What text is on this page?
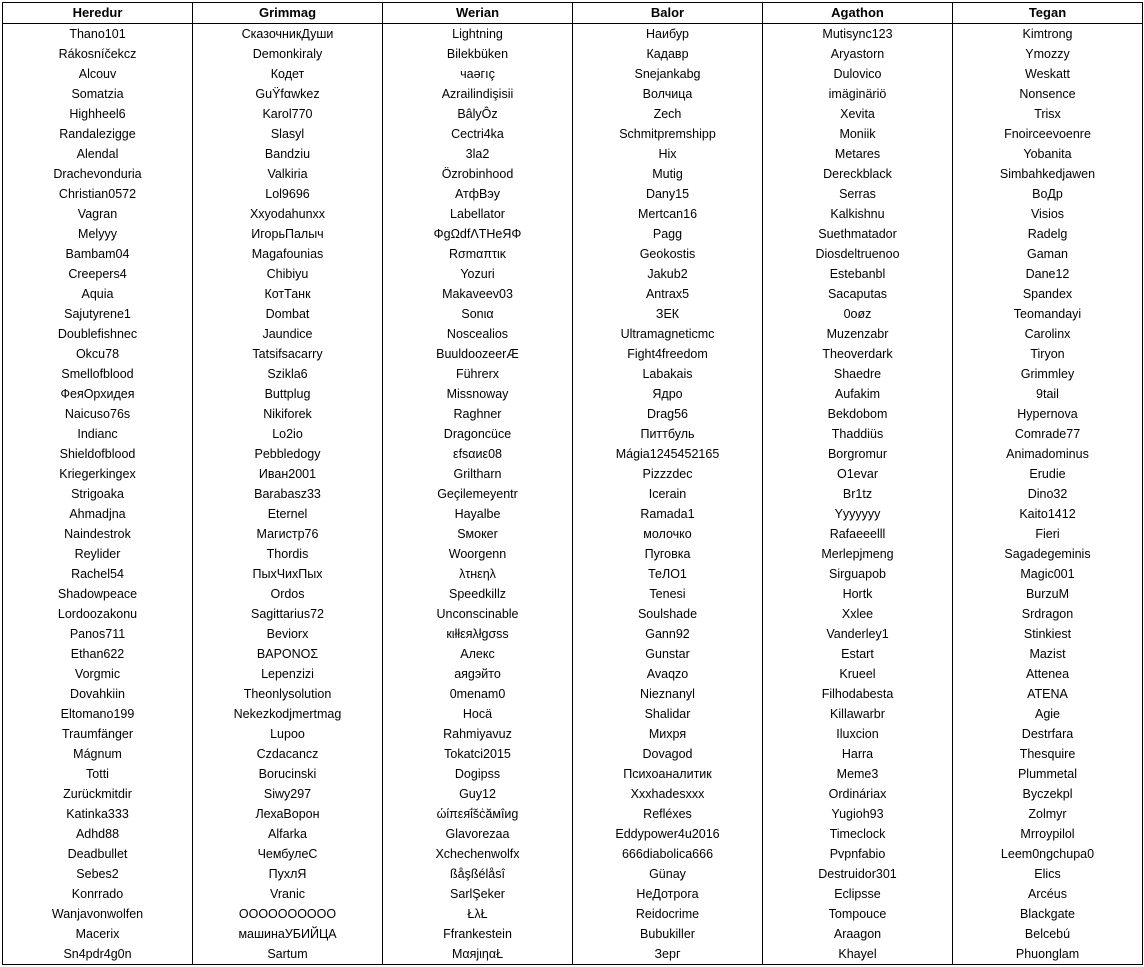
Heredur	Grimmag	Werian	Balor	Agathon	Tegan
Thano101	СказочникДуши	Lightning	Наибур	Mutisync123	Kimtrong
Rákosníčekcz	Demonkiraly	Bilekbüken	Кадавр	Aryastorn	Ymozzy
Alcouv	Кодет	чаәгıç	Snejankabg	Dulovico	Weskatt
Somatzia	GuŸfαwkez	Azrailindişisii	Волчица	imäginäriö	Nonsence
Highheel6	Karol770	BâlyÔz	Zech	Xevita	Trisx
Randalezigge	Slasyl	Cectri4ka	Schmitpremshipp	Moniik	Fnoirceevoenre
Alendal	Bandziu	3la2	Hix	Metares	Yobanita
Drachevonduria	Valkiria	Özrobinhood	Mutig	Dereckblack	Simbahkedjawen
Christian0572	Lol9696	АтфВэу	Dany15	Serras	ВоДр
Vagran	Xxyodahunxx	Labellator	Mertcan16	Kalkishnu	Visios
Melyyy	ИгорьПалыч	ΦgΩdfΛTHeЯΦ	Pagg	Suethmatador	Radelg
Bambam04	Magafounias	Rσmαπτικ	Geokostis	Diosdeltruenoo	Gaman
Creepers4	Chibiyu	Yozuri	Jakub2	Estebanbl	Dane12
Aquia	КотТанк	Makaveev03	Antrax5	Sacaputas	Spandex
Sajutyrene1	Dombat	Sonια	ЗЕК	0oøz	Teomandayi
Doublefishnec	Jaundice	Noscealios	Ultramagneticmc	Muzenzabr	Carolinx
Okcu78	Tatsifsacarry	BuuldoozeerÆ	Fight4freedom	Theoverdark	Tiryon
Smellofblood	Szikla6	Führerx	Labakais	Shaedre	Grimmley
ФеяОрхидея	Buttplug	Missnoway	Ядро	Aufakim	9tail
Naicuso76s	Nikiforek	Raghner	Drag56	Bekdobom	Hypernova
Indianc	Lo2io	Dragoncüce	Питтбуль	Thaddiüs	Comrade77
Shieldofblood	Pebbledogy	εfsαиε08	Mágia1245452165	Borgromur	Animadominus
Kriegerkingex	Иван2001	Griltharn	Pizzzdec	O1evar	Erudie
Strigoaka	Barabasz33	Geçilemeyentr	Icerain	Br1tz	Dino32
Ahmadjna	Eternel	Hayalbe	Ramada1	Yyyyyyy	Kaito1412
Naindestrok	Магистр76	Sмокеr	молочко	Rafaeeelll	Fieri
Reylider	Thordis	Woorgenn	Пуговка	Merlepjmeng	Sagadegeminis
Rachel54	ПыхЧихПых	λτнεηλ	ТеЛО1	Sirguapob	Magic001
Shadowpeace	Ordos	Speedkillz	Tenesi	Hortk	BurzuM
Lordoozakonu	Sagittarius72	Unconscinable	Soulshade	Xxlee	Srdragon
Panos711	Beviorx	кιłłεяλłgσss	Gann92	Vanderley1	Stinkiest
Ethan622	ΒΑΡΟΝΟΣ	Алекс	Gunstar	Estart	Mazist
Vorgmic	Lepenzizi	аяgэйто	Avaqzo	Krueel	Attenea
Dovahkiin	Theonlysolution	0menam0	Nieznanyl	Filhodabesta	ATENA
Eltomano199	Nekezkodjmertmag	Нocä	Shalidar	Killawarbr	Agie
Traumfänger	Lupoo	Rahmiyavuz	Михря	Iluxcion	Destrfara
Mágnum	Czdacancz	Tokatci2015	Dovagod	Harra	Thesquire
Totti	Borucinski	Dogipss	Психоаналитик	Meme3	Plummetal
Zurückmitdir	Siwy297	Guy12	Xxxhadesxxx	Ordináriax	Byczekpl
Katinka333	ЛехаВорон	ώίπεяΐšċăмîиg	Refléxes	Yugioh93	Zolmyr
Adhd88	Alfarka	Glavorezaa	Eddypower4u2016	Timeclock	Mrroypilol
Deadbullet	ЧембулеС	Xchechenwolfx	666diabolica666	Pvpnfabio	Leem0ngchupa0
Sebes2	ПухлЯ	ßåşßélåsî	Günay	Destruidor301	Elics
Konrrado	Vranic	SarlŞeker	НеДотрога	Eclipsse	Arcéus
Wanjavonwolfen	OOOOOOOOOO	ŁλŁ	Reidocrime	Tompouce	Blackgate
Macerix	машинаУБИЙЦА	Ffrankestein	Bubukiller	Araagon	Belcebú
Sn4pdr4g0n	Sartum	MαяjιηαŁ	Зерг	Khayel	Phuonglam
